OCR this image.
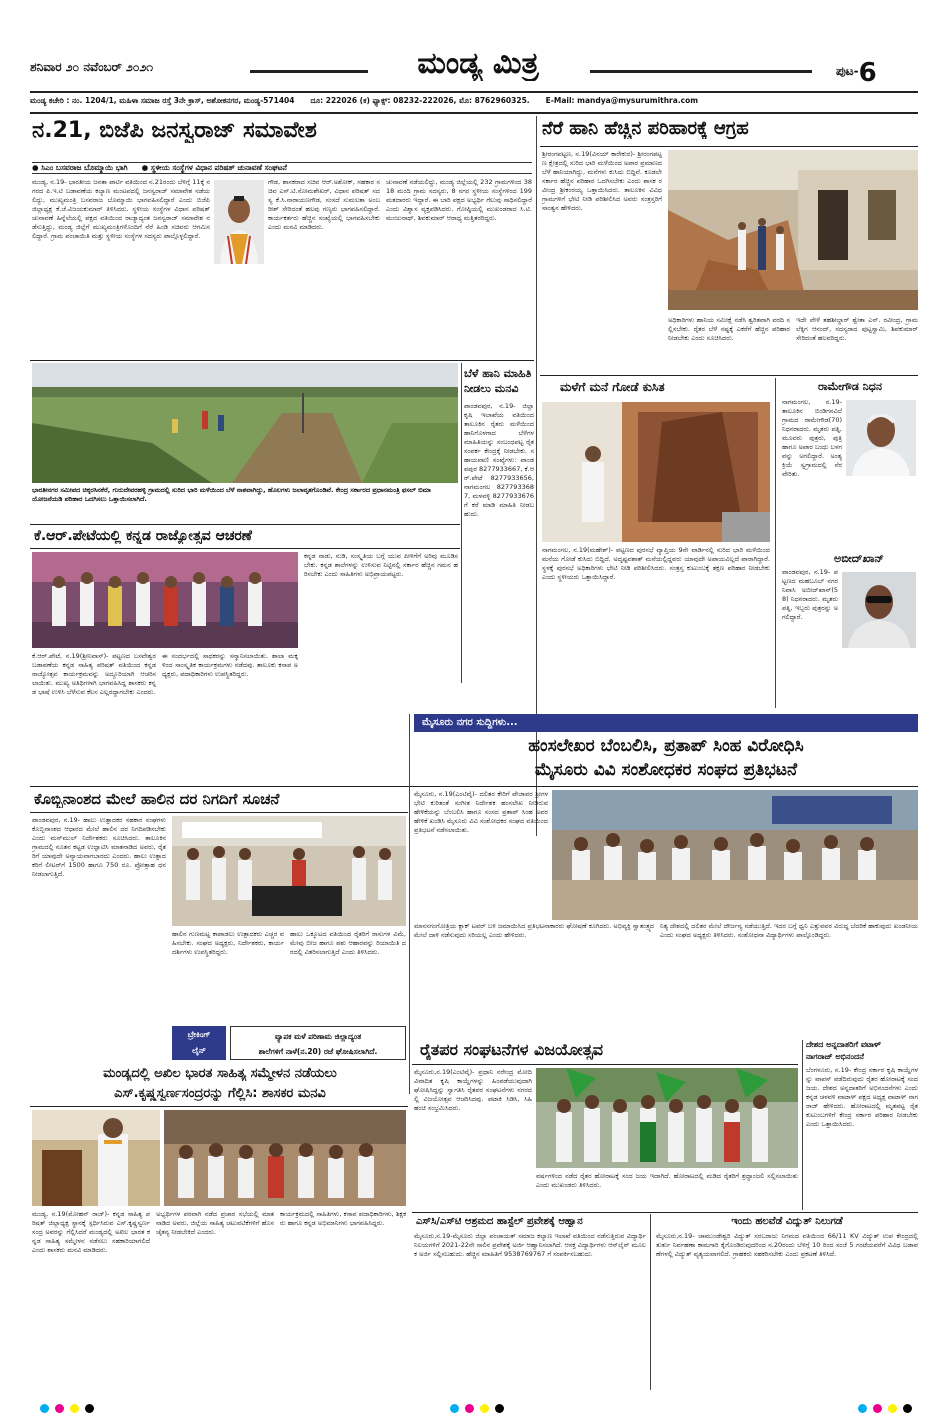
ಶನಿವಾರ ೨೦ ನವೆಂಬರ್ ೨೦೨೧	ಮಂಡ್ಯ ಮಿತ್ರ	ಪುಟ-6
ಮಂಡ್ಯ ಕಚೇರಿ : ನಂ. 1204/1, ಮಹಿಳಾ ಸಮಾಜ ರಸ್ತೆ 3ನೇ ಕ್ರಾಸ್, ಅಶೋಕನಗರ, ಮಂಡ್ಯ-571404 ದೂ: 222026 (ಕ) ಫ್ಯಾಕ್ಸ್: 08232-222026, ಮೊ: 8762960325. E-Mail: mandya@mysurumithra.com
ನ.21, ಬಿಜೆಪಿ ಜನಸ್ವರಾಜ್ ಸಮಾವೇಶ
● ಸಿಎಂ ಬಸವರಾಜ ಬೊಮ್ಮಾಯಿ ಭಾಗಿ ● ಸ್ಥಳೀಯ ಸಂಸ್ಥೆಗಳ ವಿಧಾನ ಪರಿಷತ್ ಚುನಾವಣೆ ಸಂಘಟನೆ
ಮಂಡ್ಯ, ನ.19- ಭಾರತೀಯ ಜನತಾ ಪಾರ್ಟಿ ವತಿಯಿಂದ ನ.21ರಂದು ಬೆಳಿಗ್ಗೆ 11ಕ್ಕೆ ನಗರದ ಪಿ.ಇ.ಟಿ ಬಡಾವಣೆಯ ಕಲ್ಯಾಣ ಮಂಟಪದಲ್ಲಿ ಜನಸ್ವರಾಜ್ ಸಮಾವೇಶ ನಡೆಯಲಿದ್ದು, ಮುಖ್ಯಮಂತ್ರಿ ಬಸವರಾಜ ಬೊಮ್ಮಾಯಿ ಭಾಗವಹಿಸಲಿದ್ದಾರೆ ಎಂದು ಬಿಜೆಪಿ ಜಿಲ್ಲಾಧ್ಯಕ್ಷ ಕೆ.ಜೆ.ವಿಜಯಕುಮಾರ್ ತಿಳಿಸಿದರು. ಸ್ಥಳೀಯ ಸಂಸ್ಥೆಗಳ ವಿಧಾನ ಪರಿಷತ್ ಚುನಾವಣೆ ಹಿನ್ನೆಲೆಯಲ್ಲಿ ಪಕ್ಷದ ವತಿಯಿಂದ ರಾಜ್ಯಾದ್ಯಂತ ಜನಸ್ವರಾಜ್ ಸಮಾವೇಶ ನಡೆಸುತ್ತಿದ್ದು, ಮಂಡ್ಯ ಜಿಲ್ಲೆಗೆ ಮುಖ್ಯಮಂತ್ರಿಗಳೊಂದಿಗೆ ನೆರೆ ಹಿಂಡಿ ಸಚಿವರು ಆಗಮಿಸಲಿದ್ದಾರೆ. ಗ್ರಾಮ ಪಂಚಾಯಿತಿ ಮತ್ತು ಸ್ಥಳೀಯ ಸಂಸ್ಥೆಗಳ ಸದಸ್ಯರು ಪಾಲ್ಗೊಳ್ಳಲಿದ್ದಾರೆ.
ಗೌಡ, ಶಾಸಕರಾದ ಸಚಿವ ಆರ್.ಅಶೋಕ್, ಸಹಕಾರ ಸಚಿವ ಎಸ್.ಟಿ.ಸೋಮಶೇಖರ್, ವಿಧಾನ ಪರಿಷತ್ ಸದಸ್ಯ ಕೆ.ಸಿ.ನಾರಾಯಣಗೌಡ, ಸಂಸದೆ ಸುಮಲತಾ ಅಂಬರೀಶ್ ಸೇರಿದಂತೆ ಹಲವು ಗಣ್ಯರು ಭಾಗವಹಿಸಲಿದ್ದಾರೆ. ಕಾರ್ಯಕರ್ತರು ಹೆಚ್ಚಿನ ಸಂಖ್ಯೆಯಲ್ಲಿ ಭಾಗವಹಿಸಬೇಕು ಎಂದು ಮನವಿ ಮಾಡಿದರು.
ಚುನಾವಣೆ ನಡೆಯಲಿದ್ದು, ಮಂಡ್ಯ ಜಿಲ್ಲೆಯಲ್ಲಿ 232 ಗ್ರಾಮಗಳಿಂದ 3818 ಮಂದಿ ಗ್ರಾಮ ಸದಸ್ಯರು, 8 ನಗರ ಸ್ಥಳೀಯ ಸಂಸ್ಥೆಗಳಿಂದ 199 ಮತದಾರರು ಇದ್ದಾರೆ. ಈ ಬಾರಿ ಪಕ್ಷದ ಅಭ್ಯರ್ಥಿ ಗೆಲುವು ಸಾಧಿಸಲಿದ್ದಾರೆ ಎಂದು ವಿಶ್ವಾಸ ವ್ಯಕ್ತಪಡಿಸಿದರು. ಗೋಷ್ಠಿಯಲ್ಲಿ ಮುಖಂಡರಾದ ಸಿ.ಟಿ.ಮಂಜುನಾಥ್, ಶಿವಕುಮಾರ್ ಆರಾಧ್ಯ ಮತ್ತಿತರರಿದ್ದರು.
ನೆರೆ ಹಾನಿ ಹೆಚ್ಚಿನ ಪರಿಹಾರಕ್ಕೆ ಆಗ್ರಹ
ಶ್ರೀರಂಗಪಟ್ಟಣ, ನ.19(ವಿನಯ್ ಕಾರೇಕುರ)- ಶ್ರೀರಂಗಪಟ್ಟಣ ಕ್ಷೇತ್ರದಲ್ಲಿ ಸುರಿದ ಭಾರಿ ಮಳೆಯಿಂದ ಅಪಾರ ಪ್ರಮಾಣದ ಬೆಳೆ ಹಾನಿಯಾಗಿದ್ದು, ಮನೆಗಳು ಕುಸಿದು ಬಿದ್ದಿವೆ. ಕೂಡಲೇ ಸರ್ಕಾರ ಹೆಚ್ಚಿನ ಪರಿಹಾರ ಒದಗಿಸಬೇಕು ಎಂದು ಶಾಸಕ ರವೀಂದ್ರ ಶ್ರೀಕಂಠಯ್ಯ ಒತ್ತಾಯಿಸಿದರು. ತಾಲೂಕಿನ ವಿವಿಧ ಗ್ರಾಮಗಳಿಗೆ ಭೇಟಿ ನೀಡಿ ಪರಿಶೀಲಿಸಿದ ಅವರು ಸಂತ್ರಸ್ತರಿಗೆ ಸಾಂತ್ವನ ಹೇಳಿದರು.
ಅಧಿಕಾರಿಗಳು ಹಾನಿಯ ಸಮೀಕ್ಷೆ ನಡೆಸಿ ತ್ವರಿತವಾಗಿ ವರದಿ ಸಲ್ಲಿಸಬೇಕು. ರೈತರ ಬೆಳೆ ನಷ್ಟಕ್ಕೆ ಎಕರೆಗೆ ಹೆಚ್ಚಿನ ಪರಿಹಾರ ನೀಡಬೇಕು ಎಂದು ಸೂಚಿಸಿದರು.
ಇದೇ ವೇಳೆ ತಹಶೀಲ್ದಾರ್ ಶ್ವೇತಾ ಎನ್. ರವೀಂದ್ರ, ಗ್ರಾಮ ಲೆಕ್ಕಿಗ ಆನಂದ್, ಸದಸ್ಯರಾದ ಪುಟ್ಟಸ್ವಾಮಿ, ಶಿವಕುಮಾರ್ ಸೇರಿದಂತೆ ಹಲವರಿದ್ದರು.
ಭಾರತೀನಗರ ಸಮೀಪದ ಚಿಕ್ಕರಸಿನಕೆರೆ, ಗುರುದೇವರಹಳ್ಳಿ ಗ್ರಾಮದಲ್ಲಿ ಸುರಿದ ಭಾರಿ ಮಳೆಯಿಂದ ಬೆಳೆ ನಾಶವಾಗಿದ್ದು, ಹೊಲಗಳು ಜಲಾವೃತಗೊಂಡಿವೆ. ಕೇಂದ್ರ ಸರ್ಕಾರದ ಪ್ರಧಾನಮಂತ್ರಿ ಫಸಲ್ ಬಿಮಾ ಯೋಜನೆಯಡಿ ಪರಿಹಾರ ಒದಗಿಸಲು ಒತ್ತಾಯಿಸಲಾಗಿದೆ.
ಬೆಳೆ ಹಾನಿ ಮಾಹಿತಿ ನೀಡಲು ಮನವಿ
ಪಾಂಡವಪುರ, ನ.19- ಜಿಲ್ಲಾ ಕೃಷಿ ಇಲಾಖೆಯ ವತಿಯಿಂದ ತಾಲೂಕಿನ ರೈತರು ಮಳೆಯಿಂದ ಹಾನಿಗೊಳಗಾದ ಬೆಳೆಗಳ ಮಾಹಿತಿಯನ್ನು ಸಂಬಂಧಪಟ್ಟ ರೈತ ಸಂಪರ್ಕ ಕೇಂದ್ರಕ್ಕೆ ನೀಡಬೇಕು. ಸಹಾಯವಾಣಿ ಸಂಖ್ಯೆಗಳು: ಪಾಂಡವಪುರ 8277933667, ಕೆ.ಆರ್.ಪೇಟೆ 8277933656, ನಾಗಮಂಗಲ 8277933687, ಮಳವಳ್ಳಿ 8277933676 ಗೆ ಕರೆ ಮಾಡಿ ಮಾಹಿತಿ ನೀಡಬಹುದು.
ಮಳೆಗೆ ಮನೆ ಗೋಡೆ ಕುಸಿತ
ನಾಗಮಂಗಲ, ನ.19(ಮಹೇಶ್)- ಪಟ್ಟಣದ ಪುರಸಭೆ ವ್ಯಾಪ್ತಿಯ 9ನೇ ವಾರ್ಡಿನಲ್ಲಿ ಸುರಿದ ಭಾರಿ ಮಳೆಯಿಂದ ಮನೆಯ ಗೋಡೆ ಕುಸಿದು ಬಿದ್ದಿದೆ. ಅದೃಷ್ಟವಶಾತ್ ಮನೆಯಲ್ಲಿದ್ದವರು ಯಾವುದೇ ಅಪಾಯವಿಲ್ಲದೆ ಪಾರಾಗಿದ್ದಾರೆ. ಸ್ಥಳಕ್ಕೆ ಪುರಸಭೆ ಅಧಿಕಾರಿಗಳು ಭೇಟಿ ನೀಡಿ ಪರಿಶೀಲಿಸಿದರು. ಸಂತ್ರಸ್ತ ಕುಟುಂಬಕ್ಕೆ ತಕ್ಷಣ ಪರಿಹಾರ ನೀಡಬೇಕು ಎಂದು ಸ್ಥಳೀಯರು ಒತ್ತಾಯಿಸಿದ್ದಾರೆ.
ರಾಮೇಗೌಡ ನಿಧನ
ನಾಗಮಂಗಲ, ನ.19- ತಾಲೂಕಿನ ಬಿಂಡಿಗನವಿಲೆ ಗ್ರಾಮದ ರಾಮೇಗೌಡ(70) ನಿಧನರಾದರು. ಮೃತರು ಪತ್ನಿ, ಮೂವರು ಪುತ್ರರು, ಪುತ್ರಿ ಹಾಗೂ ಅಪಾರ ಬಂಧು ಬಳಗವನ್ನು ಅಗಲಿದ್ದಾರೆ. ಅಂತ್ಯಕ್ರಿಯೆ ಸ್ವಗ್ರಾಮದಲ್ಲಿ ನೆರವೇರಿತು.
ಅಬೀದ್‌ಖಾನ್
ಪಾಂಡವಪುರ, ನ.19- ಪಟ್ಟಣದ ಮಹಬೂಬ್ ನಗರ ನಿವಾಸಿ ಅಬೀದ್‌ಖಾನ್(58) ನಿಧನರಾದರು. ಮೃತರು ಪತ್ನಿ, ಇಬ್ಬರು ಪುತ್ರರನ್ನು ಅಗಲಿದ್ದಾರೆ.
ಕೆ.ಆರ್.ಪೇಟೆಯಲ್ಲಿ ಕನ್ನಡ ರಾಜ್ಯೋತ್ಸವ ಆಚರಣೆ
ಕೆ.ಆರ್.ಪೇಟೆ, ನ.19(ಶ್ರೀನಿವಾಸ್)- ಪಟ್ಟಣದ ಬಸವೇಶ್ವರ ಬಡಾವಣೆಯ ಕನ್ನಡ ಸಾಹಿತ್ಯ ಪರಿಷತ್ ವತಿಯಿಂದ ಕನ್ನಡ ರಾಜ್ಯೋತ್ಸವ ಕಾರ್ಯಕ್ರಮವನ್ನು ಅದ್ದೂರಿಯಾಗಿ ಆಚರಿಸಲಾಯಿತು. ಮುಖ್ಯ ಅತಿಥಿಗಳಾಗಿ ಭಾಗವಹಿಸಿದ್ದ ಶಾಸಕರು ಕನ್ನಡ ಭಾಷೆ ಉಳಿಸಿ ಬೆಳೆಸುವ ಕೆಲಸ ಎಲ್ಲರದ್ದಾಗಬೇಕು ಎಂದರು.
ಈ ಸಂದರ್ಭದಲ್ಲಿ ಸಾಧಕರನ್ನು ಸನ್ಮಾನಿಸಲಾಯಿತು. ಶಾಲಾ ಮಕ್ಕಳಿಂದ ಸಾಂಸ್ಕೃತಿಕ ಕಾರ್ಯಕ್ರಮಗಳು ನಡೆದವು. ತಾಲೂಕು ಕಸಾಪ ಅಧ್ಯಕ್ಷರು, ಪದಾಧಿಕಾರಿಗಳು ಉಪಸ್ಥಿತರಿದ್ದರು.
ಕನ್ನಡ ನಾಡು, ನುಡಿ, ಸಂಸ್ಕೃತಿಯ ಬಗ್ಗೆ ಯುವ ಪೀಳಿಗೆಗೆ ಅರಿವು ಮೂಡಿಸಬೇಕು. ಕನ್ನಡ ಶಾಲೆಗಳನ್ನು ಉಳಿಸುವ ನಿಟ್ಟಿನಲ್ಲಿ ಸರ್ಕಾರ ಹೆಚ್ಚಿನ ಗಮನ ಹರಿಸಬೇಕು ಎಂದು ಸಾಹಿತಿಗಳು ಅಭಿಪ್ರಾಯಪಟ್ಟರು.
ಮೈಸೂರು ನಗರ ಸುದ್ದಿಗಳು...
ಹಂಸಲೇಖರ ಬೆಂಬಲಿಸಿ, ಪ್ರತಾಪ್ ಸಿಂಹ ವಿರೋಧಿಸಿ
ಮೈಸೂರು ವಿವಿ ಸಂಶೋಧಕರ ಸಂಘದ ಪ್ರತಿಭಟನೆ
ಮೈಸೂರು, ನ.19(ಎಂಟಿವೈ)- ದಲಿತರ ಕೇರಿಗೆ ಪೇಜಾವರ ಶ್ರೀಗಳ ಭೇಟಿ ಕುರಿತಂತೆ ಸಂಗೀತ ನಿರ್ದೇಶಕ ಹಂಸಲೇಖ ನೀಡಿರುವ ಹೇಳಿಕೆಯನ್ನು ಬೆಂಬಲಿಸಿ ಹಾಗೂ ಸಂಸದ ಪ್ರತಾಪ್ ಸಿಂಹ ಅವರ ಹೇಳಿಕೆ ಖಂಡಿಸಿ ಮೈಸೂರು ವಿವಿ ಸಂಶೋಧಕರ ಸಂಘದ ವತಿಯಿಂದ ಪ್ರತಿಭಟನೆ ನಡೆಸಲಾಯಿತು.
ಮಾನಸಗಂಗೋತ್ರಿಯ ಕ್ಲಾಕ್ ಟವರ್ ಬಳಿ ಜಮಾಯಿಸಿದ ಪ್ರತಿಭಟನಾಕಾರರು ಘೋಷಣೆ ಕೂಗಿದರು. ಅಭಿವ್ಯಕ್ತಿ ಸ್ವಾತಂತ್ರ್ಯದ ಮೇಲೆ ದಾಳಿ ನಡೆಸುವುದು ಸರಿಯಲ್ಲ ಎಂದು ಹೇಳಿದರು.
ನಿತ್ಯ ದೇಶದಲ್ಲಿ ದಲಿತರ ಮೇಲೆ ದೌರ್ಜನ್ಯ ನಡೆಯುತ್ತಿದೆ. ಇದರ ಬಗ್ಗೆ ಧ್ವನಿ ಎತ್ತುವವರ ವಿರುದ್ಧ ಬೆದರಿಕೆ ಹಾಕುವುದು ಖಂಡನೀಯ ಎಂದು ಸಂಘದ ಅಧ್ಯಕ್ಷರು ತಿಳಿಸಿದರು. ಸಂಶೋಧನಾ ವಿದ್ಯಾರ್ಥಿಗಳು ಪಾಲ್ಗೊಂಡಿದ್ದರು.
ಕೊಬ್ಬಿನಾಂಶದ ಮೇಲೆ ಹಾಲಿನ ದರ ನಿಗದಿಗೆ ಸೂಚನೆ
ಪಾಂಡವಪುರ, ನ.19- ಹಾಲು ಉತ್ಪಾದಕರ ಸಹಕಾರ ಸಂಘಗಳು ಕೊಬ್ಬಿನಾಂಶದ ಆಧಾರದ ಮೇಲೆ ಹಾಲಿನ ದರ ನಿಗದಿಪಡಿಸಬೇಕು ಎಂದು ಮನ್‌ಮುಲ್ ನಿರ್ದೇಶಕರು ಸೂಚಿಸಿದರು. ತಾಲೂಕಿನ ಗ್ರಾಮದಲ್ಲಿ ನೂತನ ಕಟ್ಟಡ ಉದ್ಘಾಟಿಸಿ ಮಾತನಾಡಿದ ಅವರು, ರೈತರಿಗೆ ಯಾವುದೇ ಅನ್ಯಾಯವಾಗಬಾರದು ಎಂದರು. ಹಾಲು ಉತ್ಪಾದಕರಿಗೆ ಲೀಟರ್‌ಗೆ 1500 ಹಾಗೂ 750 ರೂ. ಪ್ರೋತ್ಸಾಹ ಧನ ನೀಡಲಾಗುತ್ತಿದೆ.
ಹಾಲಿನ ಗುಣಮಟ್ಟ ಕಾಪಾಡಲು ಉತ್ಪಾದಕರು ಎಚ್ಚರ ವಹಿಸಬೇಕು. ಸಂಘದ ಅಧ್ಯಕ್ಷರು, ನಿರ್ದೇಶಕರು, ಕಾರ್ಯದರ್ಶಿಗಳು ಉಪಸ್ಥಿತರಿದ್ದರು.
ಹಾಲು ಒಕ್ಕೂಟದ ವತಿಯಿಂದ ರೈತರಿಗೆ ರಾಸುಗಳ ವಿಮೆ, ಮೇವು ಬೀಜ ಹಾಗೂ ಪಶು ಆಹಾರವನ್ನು ರಿಯಾಯಿತಿ ದರದಲ್ಲಿ ವಿತರಿಸಲಾಗುತ್ತಿದೆ ಎಂದು ತಿಳಿಸಿದರು.
ಬ್ರೇಕಿಂಗ್
ಲೈನ್
ವ್ಯಾಪಕ ಮಳೆ ಪರಿಣಾಮ ಜಿಲ್ಲಾದ್ಯಂತ
ಶಾಲೆಗಳಿಗೆ ನಾಳೆ(ನ.20) ರಜೆ ಘೋಷಿಸಲಾಗಿದೆ.	ರೈತಪರ ಸಂಘಟನೆಗಳ ವಿಜಯೋತ್ಸವ
ಮೈಸೂರು,ನ.19(ಎಂಟಿವೈ)- ಪ್ರಧಾನಿ ನರೇಂದ್ರ ಮೋದಿ ವಿವಾದಿತ ಕೃಷಿ ಕಾಯ್ದೆಗಳನ್ನು ಹಿಂಪಡೆಯುವುದಾಗಿ ಘೋಷಿಸಿದ್ದನ್ನು ಸ್ವಾಗತಿಸಿ ರೈತಪರ ಸಂಘಟನೆಗಳು ನಗರದಲ್ಲಿ ವಿಜಯೋತ್ಸವ ಆಚರಿಸಿದವು. ಪಟಾಕಿ ಸಿಡಿಸಿ, ಸಿಹಿ ಹಂಚಿ ಸಂಭ್ರಮಿಸಿದರು.
ವರ್ಷಗಳಿಂದ ನಡೆದ ರೈತರ ಹೋರಾಟಕ್ಕೆ ಸಂದ ಜಯ ಇದಾಗಿದೆ. ಹೋರಾಟದಲ್ಲಿ ಮಡಿದ ರೈತರಿಗೆ ಶ್ರದ್ಧಾಂಜಲಿ ಸಲ್ಲಿಸಲಾಯಿತು ಎಂದು ಮುಖಂಡರು ತಿಳಿಸಿದರು.
ದೇಶದ ಅನ್ನದಾತರಿಗೆ ವಟಾಳ್
ನಾಗರಾಜ್ ಅಭಿನಂದನೆ
ಬೆಂಗಳೂರು, ನ.19- ಕೇಂದ್ರ ಸರ್ಕಾರ ಕೃಷಿ ಕಾಯ್ದೆಗಳನ್ನು ವಾಪಸ್ ಪಡೆದಿರುವುದು ರೈತರ ಹೋರಾಟಕ್ಕೆ ಸಂದ ಜಯ. ದೇಶದ ಅನ್ನದಾತರಿಗೆ ಅಭಿನಂದನೆಗಳು ಎಂದು ಕನ್ನಡ ಚಳವಳಿ ವಾಟಾಳ್ ಪಕ್ಷದ ಅಧ್ಯಕ್ಷ ವಾಟಾಳ್ ನಾಗರಾಜ್ ಹೇಳಿದರು. ಹೋರಾಟದಲ್ಲಿ ಮೃತಪಟ್ಟ ರೈತ ಕುಟುಂಬಗಳಿಗೆ ಕೇಂದ್ರ ಸರ್ಕಾರ ಪರಿಹಾರ ನೀಡಬೇಕು ಎಂದು ಒತ್ತಾಯಿಸಿದರು.
ಮಂಡ್ಯದಲ್ಲಿ ಅಖಿಲ ಭಾರತ ಸಾಹಿತ್ಯ ಸಮ್ಮೇಳನ ನಡೆಯಲು
ಎಸ್.ಕೃಷ್ಣಸ್ವರ್ಣಸಂದ್ರರನ್ನು ಗೆಲ್ಲಿಸಿ: ಶಾಸಕರ ಮನವಿ
ಮಂಡ್ಯ, ನ.19(ಮೋಹನ್ ರಾಜ್)- ಕನ್ನಡ ಸಾಹಿತ್ಯ ಪರಿಷತ್ ಜಿಲ್ಲಾಧ್ಯಕ್ಷ ಸ್ಥಾನಕ್ಕೆ ಸ್ಪರ್ಧಿಸಿರುವ ಎಸ್.ಕೃಷ್ಣಸ್ವರ್ಣಸಂದ್ರ ಅವರನ್ನು ಗೆಲ್ಲಿಸಿದರೆ ಮಂಡ್ಯದಲ್ಲಿ ಅಖಿಲ ಭಾರತ ಕನ್ನಡ ಸಾಹಿತ್ಯ ಸಮ್ಮೇಳನ ನಡೆಸಲು ಸಹಕಾರಿಯಾಗಲಿದೆ ಎಂದು ಶಾಸಕರು ಮನವಿ ಮಾಡಿದರು.
ಅಭ್ಯರ್ಥಿಗಳ ಪರವಾಗಿ ನಡೆದ ಪ್ರಚಾರ ಸಭೆಯಲ್ಲಿ ಮಾತನಾಡಿದ ಅವರು, ಜಿಲ್ಲೆಯ ಸಾಹಿತ್ಯ ಚಟುವಟಿಕೆಗಳಿಗೆ ಹೊಸ ಚೈತನ್ಯ ನೀಡಬೇಕಿದೆ ಎಂದರು.
ಕಾರ್ಯಕ್ರಮದಲ್ಲಿ ಸಾಹಿತಿಗಳು, ಕಸಾಪ ಪದಾಧಿಕಾರಿಗಳು, ಶಿಕ್ಷಕರು ಹಾಗೂ ಕನ್ನಡ ಅಭಿಮಾನಿಗಳು ಭಾಗವಹಿಸಿದ್ದರು.	ಎಸ್‌ಸಿ/ಎಸ್‌ಟಿ ಆಶ್ರಮದ ಹಾಸ್ಟೆಲ್ ಪ್ರವೇಶಕ್ಕೆ ಆಹ್ವಾನ
ಮೈಸೂರು,ನ.19-ಮೈಸೂರು ಜಿಲ್ಲಾ ಪಂಚಾಯತ್ ಸಮಾಜ ಕಲ್ಯಾಣ ಇಲಾಖೆ ವತಿಯಿಂದ ನಡೆಸುತ್ತಿರುವ ವಿದ್ಯಾರ್ಥಿ ನಿಲಯಗಳಿಗೆ 2021-22ನೇ ಸಾಲಿನ ಪ್ರವೇಶಕ್ಕೆ ಅರ್ಜಿ ಆಹ್ವಾನಿಸಲಾಗಿದೆ. ಆಸಕ್ತ ವಿದ್ಯಾರ್ಥಿಗಳು ಆನ್‌ಲೈನ್ ಮೂಲಕ ಅರ್ಜಿ ಸಲ್ಲಿಸಬಹುದು. ಹೆಚ್ಚಿನ ಮಾಹಿತಿಗೆ 9538769767 ಗೆ ಸಂಪರ್ಕಿಸಬಹುದು.
ಇಂದು ಹಲವೆಡೆ ವಿದ್ಯುತ್ ನಿಲುಗಡೆ
ಮೈಸೂರು,ನ.19- ಚಾಮುಂಡೇಶ್ವರಿ ವಿದ್ಯುತ್ ಸರಬರಾಜು ನಿಗಮದ ವತಿಯಿಂದ 66/11 KV ವಿದ್ಯುತ್ ಉಪ ಕೇಂದ್ರದಲ್ಲಿ ತುರ್ತು ನಿರ್ವಹಣಾ ಕಾಮಗಾರಿ ಕೈಗೊಂಡಿರುವುದರಿಂದ ನ.20ರಂದು ಬೆಳಿಗ್ಗೆ 10 ರಿಂದ ಸಂಜೆ 5 ಗಂಟೆಯವರೆಗೆ ವಿವಿಧ ಬಡಾವಣೆಗಳಲ್ಲಿ ವಿದ್ಯುತ್ ವ್ಯತ್ಯಯವಾಗಲಿದೆ. ಗ್ರಾಹಕರು ಸಹಕರಿಸಬೇಕು ಎಂದು ಪ್ರಕಟಣೆ ತಿಳಿಸಿದೆ.
